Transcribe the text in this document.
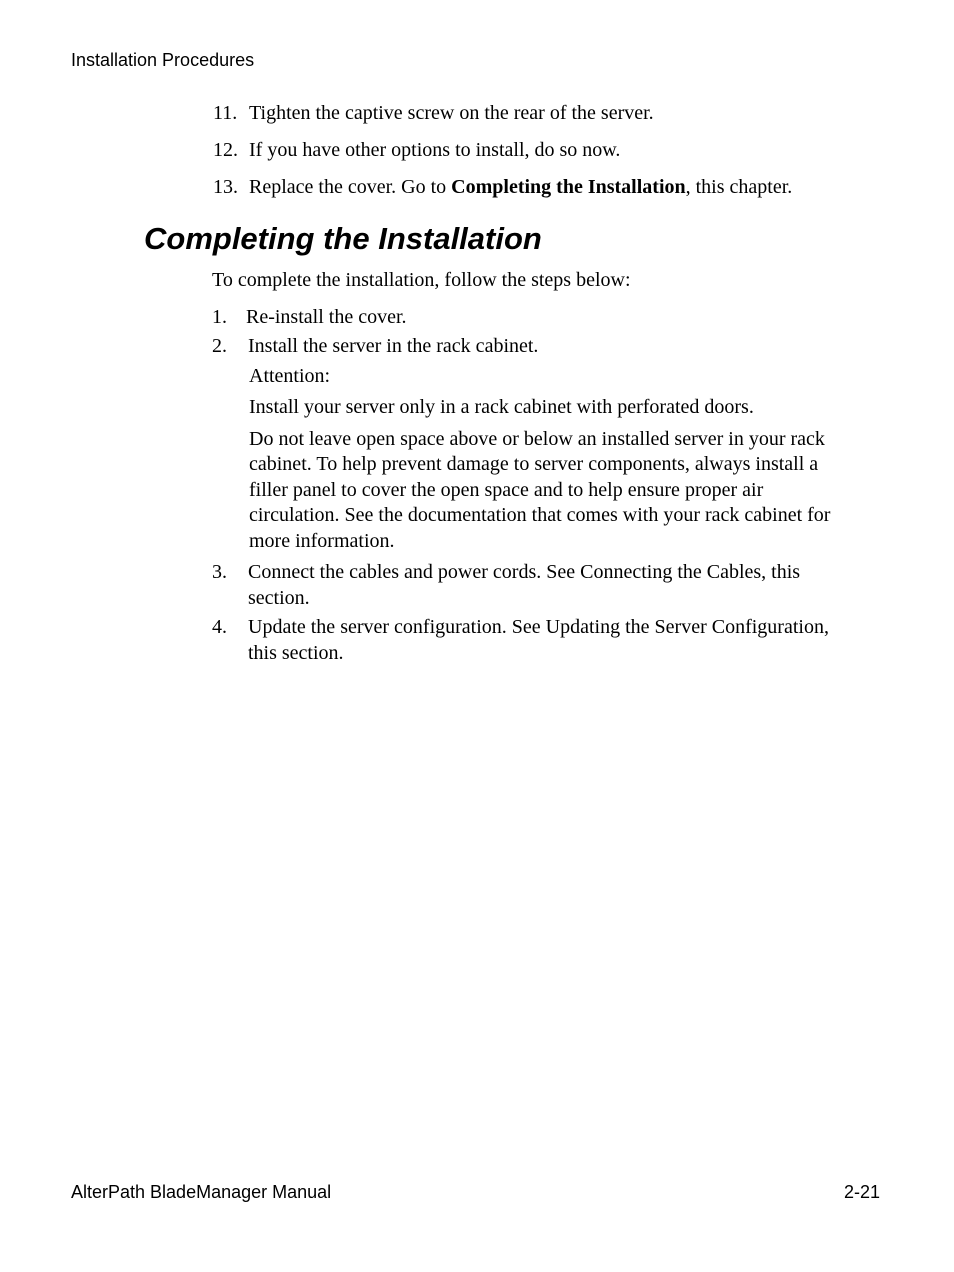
Installation Procedures
11. Tighten the captive screw on the rear of the server.
12. If you have other options to install, do so now.
13. Replace the cover. Go to Completing the Installation, this chapter.
Completing the Installation
To complete the installation, follow the steps below:
1. Re-install the cover.
2. Install the server in the rack cabinet.
Attention:
Install your server only in a rack cabinet with perforated doors.
Do not leave open space above or below an installed server in your rack
cabinet. To help prevent damage to server components, always install a
filler panel to cover the open space and to help ensure proper air
circulation. See the documentation that comes with your rack cabinet for
more information.
3. Connect the cables and power cords. See Connecting the Cables, this
section.
4. Update the server configuration. See Updating the Server Configuration,
this section.
AlterPath BladeManager Manual	2-21
